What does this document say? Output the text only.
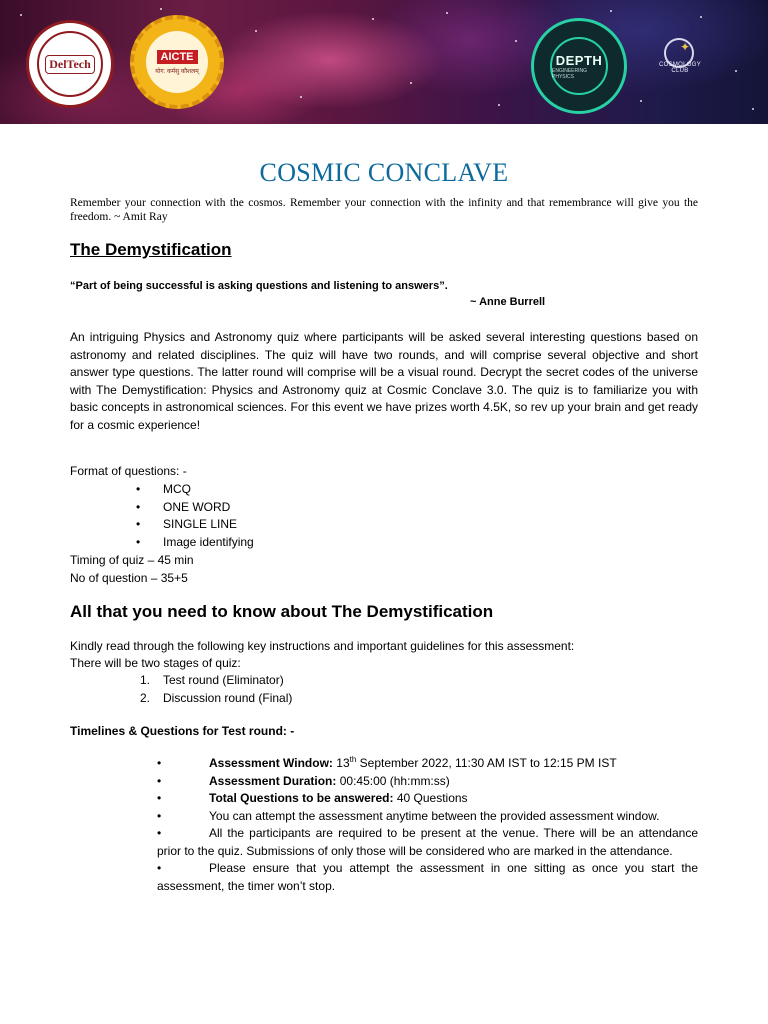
DelTech	AICTE
योग: कर्मसु कौशलम्
DEPTH
ENGINEERING PHYSICS
✦
COSMOLOGY CLUB
COSMIC CONCLAVE

Remember your connection with the cosmos. Remember your connection with the infinity and that remembrance will give you the freedom. ~ Amit Ray

The Demystification

“Part of being successful is asking questions and listening to answers”.

~ Anne Burrell

An intriguing Physics and Astronomy quiz where participants will be asked several interesting questions based on astronomy and related disciplines. The quiz will have two rounds, and will comprise several objective and short answer type questions. The latter round will comprise will be a visual round. Decrypt the secret codes of the universe with The Demystification: Physics and Astronomy quiz at Cosmic Conclave 3.0. The quiz is to familiarize you with basic concepts in astronomical sciences. For this event we have prizes worth 4.5K, so rev up your brain and get ready for a cosmic experience!

Format of questions: -

• MCQ
• ONE WORD
• SINGLE LINE
• Image identifying

Timing of quiz – 45 min

No of question – 35+5

All that you need to know about The Demystification

Kindly read through the following key instructions and important guidelines for this assessment:

There will be two stages of quiz:

1. Test round (Eliminator)
2. Discussion round (Final)

Timelines & Questions for Test round: -

•	Assessment Window: 13th September 2022, 11:30 AM IST to 12:15 PM IST
•	Assessment Duration: 00:45:00 (hh:mm:ss)
•	Total Questions to be answered: 40 Questions
•	You can attempt the assessment anytime between the provided assessment window.
•	All the participants are required to be present at the venue. There will be an attendance prior to the quiz. Submissions of only those will be considered who are marked in the attendance.
•	Please ensure that you attempt the assessment in one sitting as once you start the assessment, the timer won’t stop.
